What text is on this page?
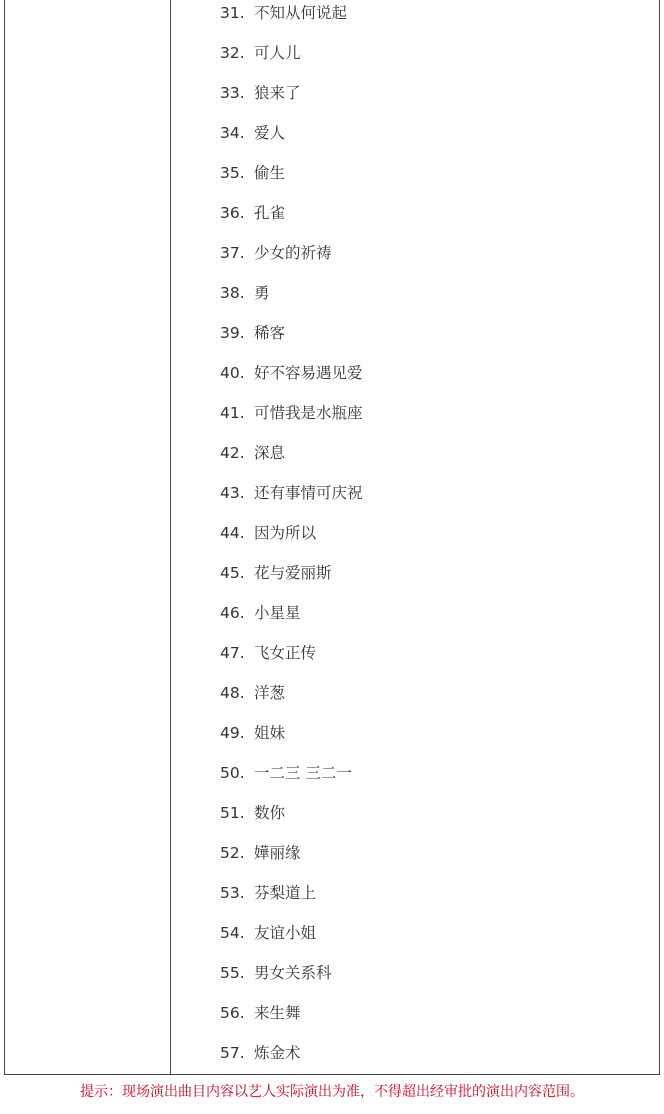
31. 不知从何说起
32. 可人儿
33. 狼来了
34. 爱人
35. 偷生
36. 孔雀
37. 少女的祈祷
38. 勇
39. 稀客
40. 好不容易遇见爱
41. 可惜我是水瓶座
42. 深息
43. 还有事情可庆祝
44. 因为所以
45. 花与爱丽斯
46. 小星星
47. 飞女正传
48. 洋葱
49. 姐妹
50. 一二三 三二一
51. 数你
52. 嬅丽缘
53. 芬梨道上
54. 友谊小姐
55. 男女关系科
56. 来生舞
57. 炼金术
提示：现场演出曲目内容以艺人实际演出为准，不得超出经审批的演出内容范围。
